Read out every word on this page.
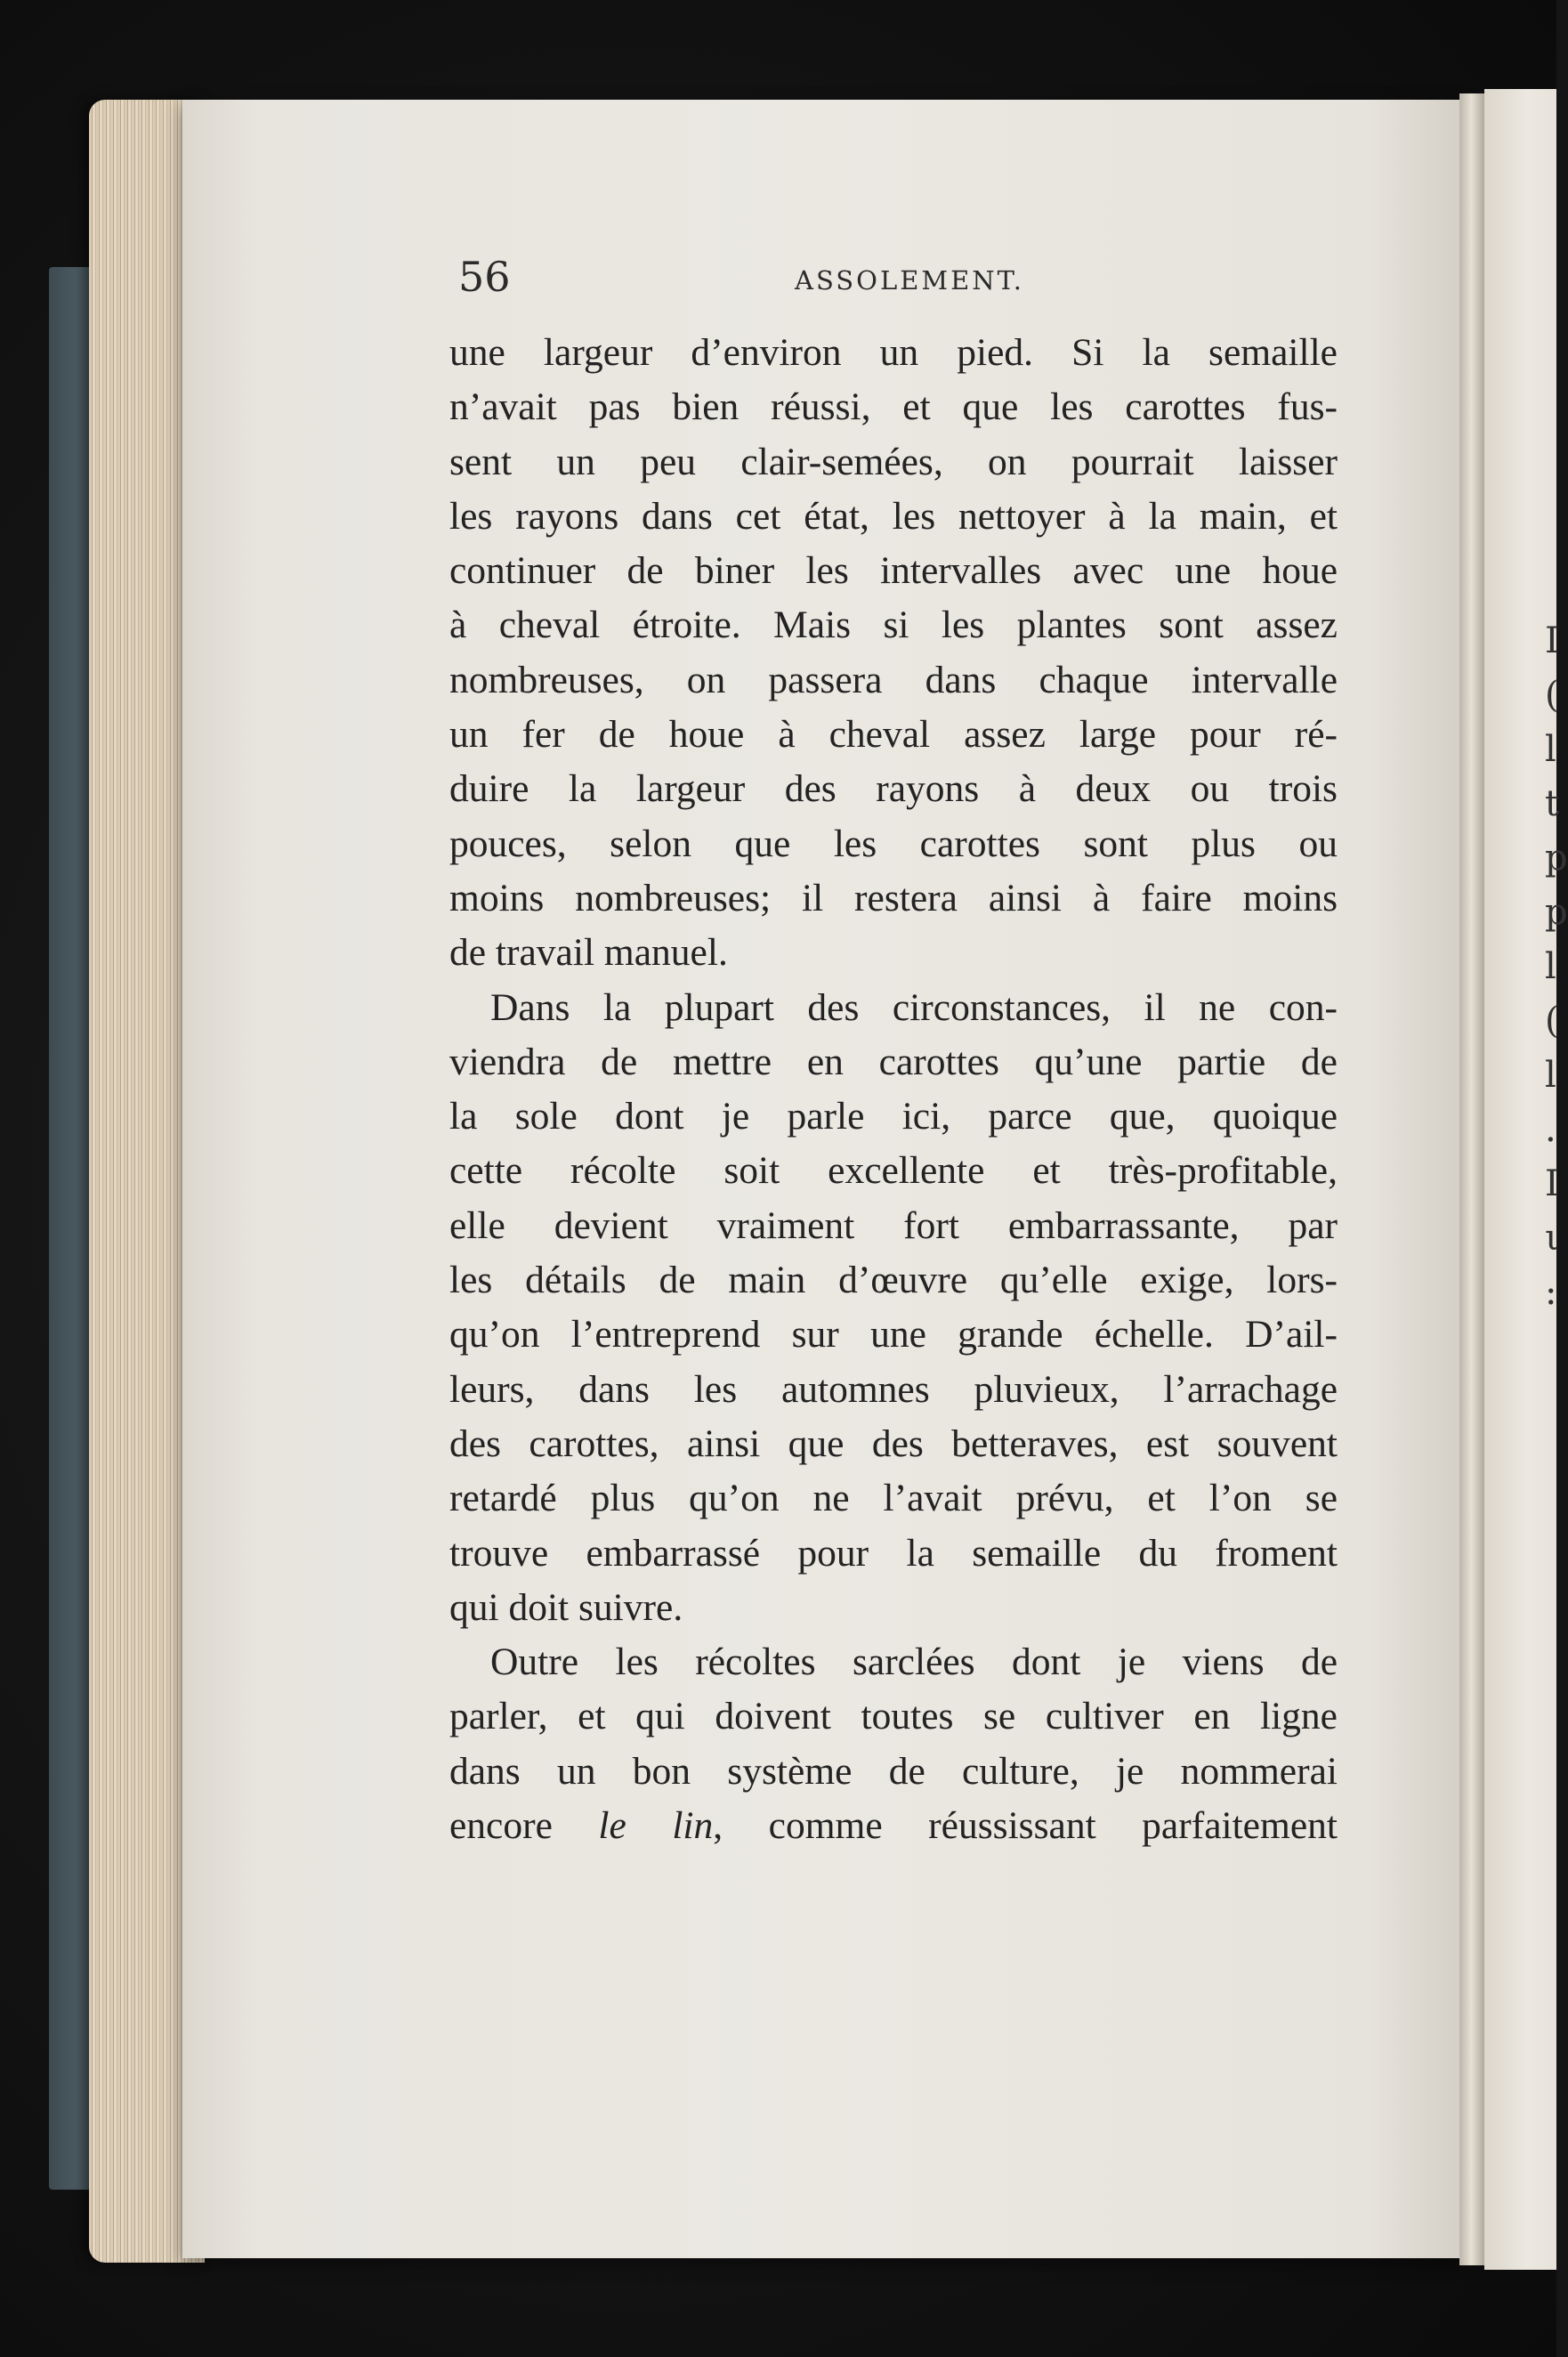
I
(
l
t
p
p
l
(
l
.
I
ι
:
56	ASSOLEMENT.
une largeur d’environ un pied. Si la semaille
n’avait pas bien réussi, et que les carottes fus-
sent un peu clair-semées, on pourrait laisser
les rayons dans cet état, les nettoyer à la main, et
continuer de biner les intervalles avec une houe
à cheval étroite. Mais si les plantes sont assez
nombreuses, on passera dans chaque intervalle
un fer de houe à cheval assez large pour ré-
duire la largeur des rayons à deux ou trois
pouces, selon que les carottes sont plus ou
moins nombreuses; il restera ainsi à faire moins
de travail manuel.
Dans la plupart des circonstances, il ne con-
viendra de mettre en carottes qu’une partie de
la sole dont je parle ici, parce que, quoique
cette récolte soit excellente et très-profitable,
elle devient vraiment fort embarrassante, par
les détails de main d’œuvre qu’elle exige, lors-
qu’on l’entreprend sur une grande échelle. D’ail-
leurs, dans les automnes pluvieux, l’arrachage
des carottes, ainsi que des betteraves, est souvent
retardé plus qu’on ne l’avait prévu, et l’on se
trouve embarrassé pour la semaille du froment
qui doit suivre.
Outre les récoltes sarclées dont je viens de
parler, et qui doivent toutes se cultiver en ligne
dans un bon système de culture, je nommerai
encore le lin, comme réussissant parfaitement
